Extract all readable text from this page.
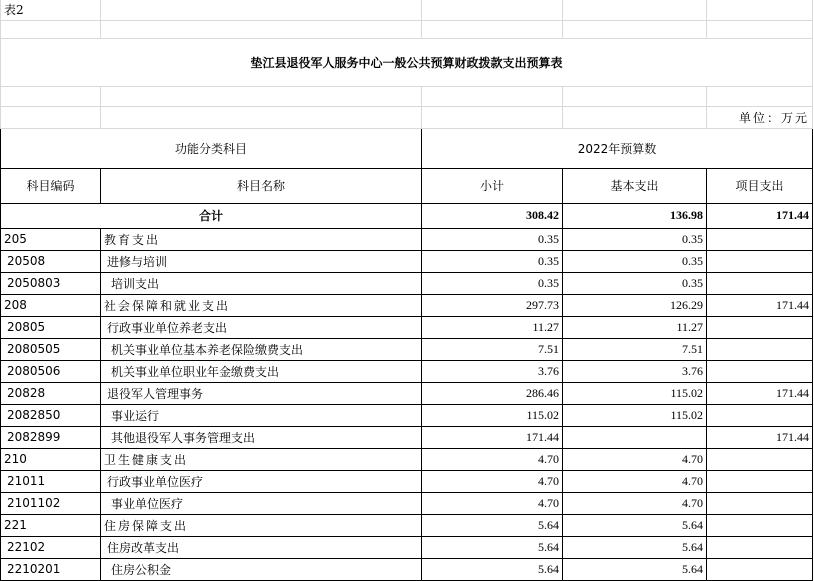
表2				

垫江县退役军人服务中心一般公共预算财政拨款支出预算表				

				单位：万元
功能分类科目		2022年预算数		
科目编码	科目名称	小计	基本支出	项目支出
合计		308.42	136.98	171.44
205	教育支出	0.35	0.35	
20508	进修与培训	0.35	0.35	
2050803	培训支出	0.35	0.35	
208	社会保障和就业支出	297.73	126.29	171.44
20805	行政事业单位养老支出	11.27	11.27	
2080505	机关事业单位基本养老保险缴费支出	7.51	7.51	
2080506	机关事业单位职业年金缴费支出	3.76	3.76	
20828	退役军人管理事务	286.46	115.02	171.44
2082850	事业运行	115.02	115.02	
2082899	其他退役军人事务管理支出	171.44		171.44
210	卫生健康支出	4.70	4.70	
21011	行政事业单位医疗	4.70	4.70	
2101102	事业单位医疗	4.70	4.70	
221	住房保障支出	5.64	5.64	
22102	住房改革支出	5.64	5.64	
2210201	住房公积金	5.64	5.64	
